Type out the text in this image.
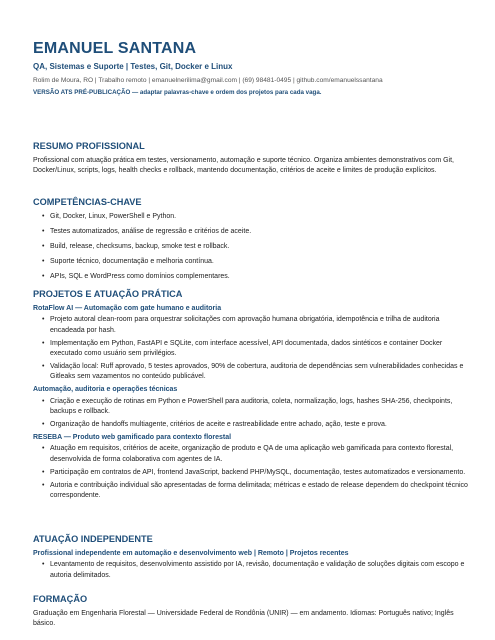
EMANUEL SANTANA
QA, Sistemas e Suporte | Testes, Git, Docker e Linux
Rolim de Moura, RO | Trabalho remoto | emanuelnerilima@gmail.com | (69) 98481-0495 | github.com/emanuelssantana
VERSÃO ATS PRÉ-PUBLICAÇÃO — adaptar palavras-chave e ordem dos projetos para cada vaga.
RESUMO PROFISSIONAL

Profissional com atuação prática em testes, versionamento, automação e suporte técnico. Organiza ambientes demonstrativos com Git, Docker/Linux, scripts, logs, health checks e rollback, mantendo documentação, critérios de aceite e limites de produção explícitos.

COMPETÊNCIAS-CHAVE
• Git, Docker, Linux, PowerShell e Python.
• Testes automatizados, análise de regressão e critérios de aceite.
• Build, release, checksums, backup, smoke test e rollback.
• Suporte técnico, documentação e melhoria contínua.
• APIs, SQL e WordPress como domínios complementares.
PROJETOS E ATUAÇÃO PRÁTICA
RotaFlow AI — Automação com gate humano e auditoria
• Projeto autoral clean-room para orquestrar solicitações com aprovação humana obrigatória, idempotência e trilha de auditoria encadeada por hash.
• Implementação em Python, FastAPI e SQLite, com interface acessível, API documentada, dados sintéticos e container Docker executado como usuário sem privilégios.
• Validação local: Ruff aprovado, 5 testes aprovados, 90% de cobertura, auditoria de dependências sem vulnerabilidades conhecidas e Gitleaks sem vazamentos no conteúdo publicável.
Automação, auditoria e operações técnicas
• Criação e execução de rotinas em Python e PowerShell para auditoria, coleta, normalização, logs, hashes SHA-256, checkpoints, backups e rollback.
• Organização de handoffs multiagente, critérios de aceite e rastreabilidade entre achado, ação, teste e prova.
RESEBA — Produto web gamificado para contexto florestal
• Atuação em requisitos, critérios de aceite, organização de produto e QA de uma aplicação web gamificada para contexto florestal, desenvolvida de forma colaborativa com agentes de IA.
• Participação em contratos de API, frontend JavaScript, backend PHP/MySQL, documentação, testes automatizados e versionamento.
• Autoria e contribuição individual são apresentadas de forma delimitada; métricas e estado de release dependem do checkpoint técnico correspondente.
ATUAÇÃO INDEPENDENTE
Profissional independente em automação e desenvolvimento web | Remoto | Projetos recentes
• Levantamento de requisitos, desenvolvimento assistido por IA, revisão, documentação e validação de soluções digitais com escopo e autoria delimitados.
FORMAÇÃO

Graduação em Engenharia Florestal — Universidade Federal de Rondônia (UNIR) — em andamento. Idiomas: Português nativo; Inglês básico.
